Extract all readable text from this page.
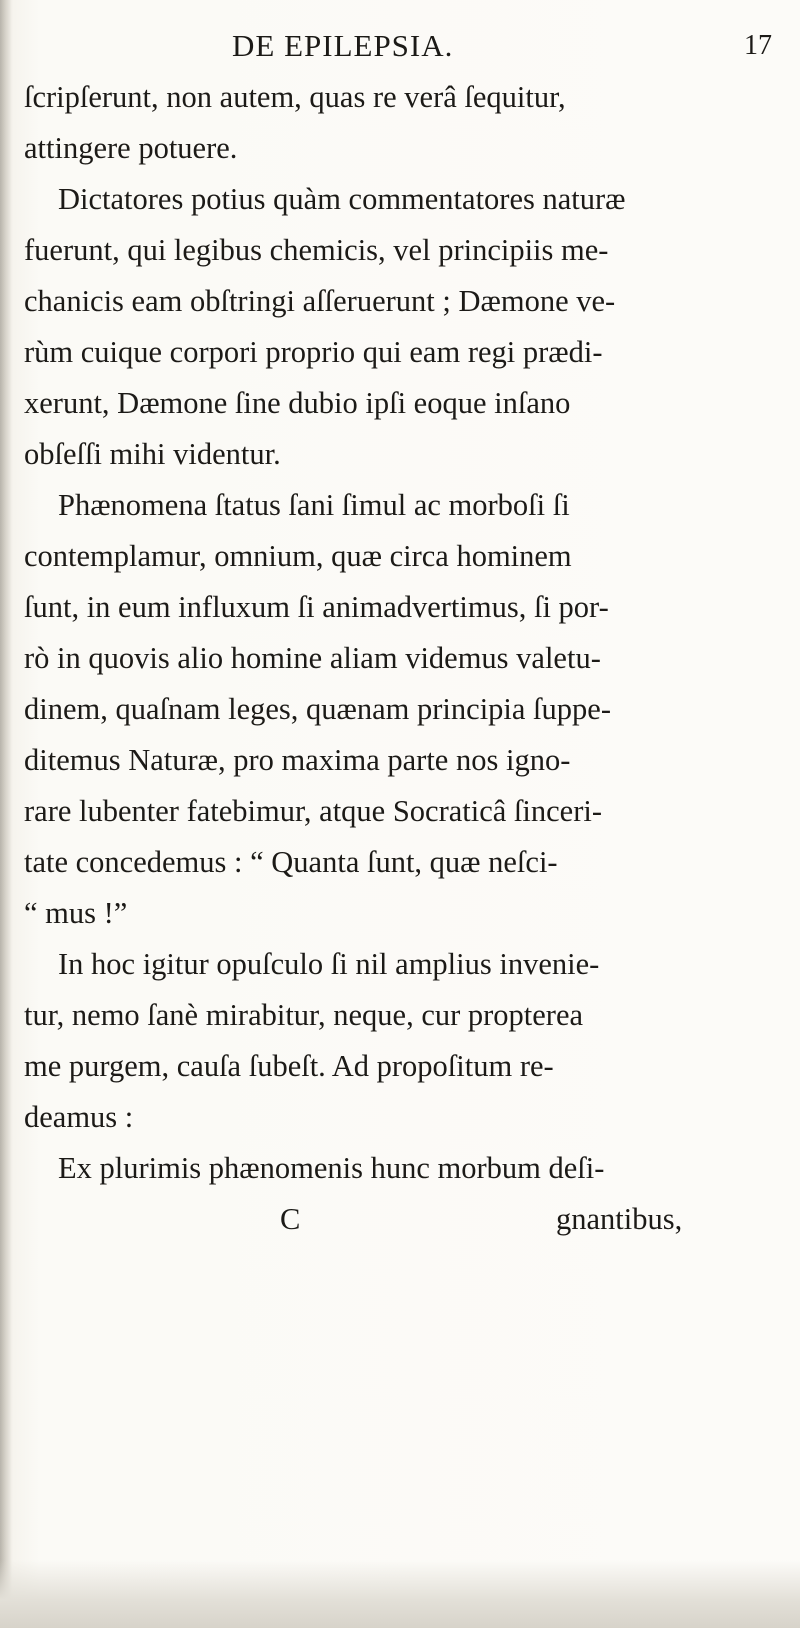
DE EPILEPSIA.	17
ſcripſerunt, non autem, quas re verâ ſequitur,
attingere potuere.
Dictatores potius quàm commentatores naturæ
fuerunt, qui legibus chemicis, vel principiis me-
chanicis eam obſtringi aſſeruerunt ; Dæmone ve-
rùm cuique corpori proprio qui eam regi prædi-
xerunt, Dæmone ſine dubio ipſi eoque inſano
obſeſſi mihi videntur.
Phænomena ſtatus ſani ſimul ac morboſi ſi
contemplamur, omnium, quæ circa hominem
ſunt, in eum influxum ſi animadvertimus, ſi por-
rò in quovis alio homine aliam videmus valetu-
dinem, quaſnam leges, quænam principia ſuppe-
ditemus Naturæ, pro maxima parte nos igno-
rare lubenter fatebimur, atque Socraticâ ſinceri-
tate concedemus : “ Quanta ſunt, quæ neſci-
“ mus !”
In hoc igitur opuſculo ſi nil amplius invenie-
tur, nemo ſanè mirabitur, neque, cur propterea
me purgem, cauſa ſubeſt. Ad propoſitum re-
deamus :
Ex plurimis phænomenis hunc morbum deſi-
C	gnantibus,
